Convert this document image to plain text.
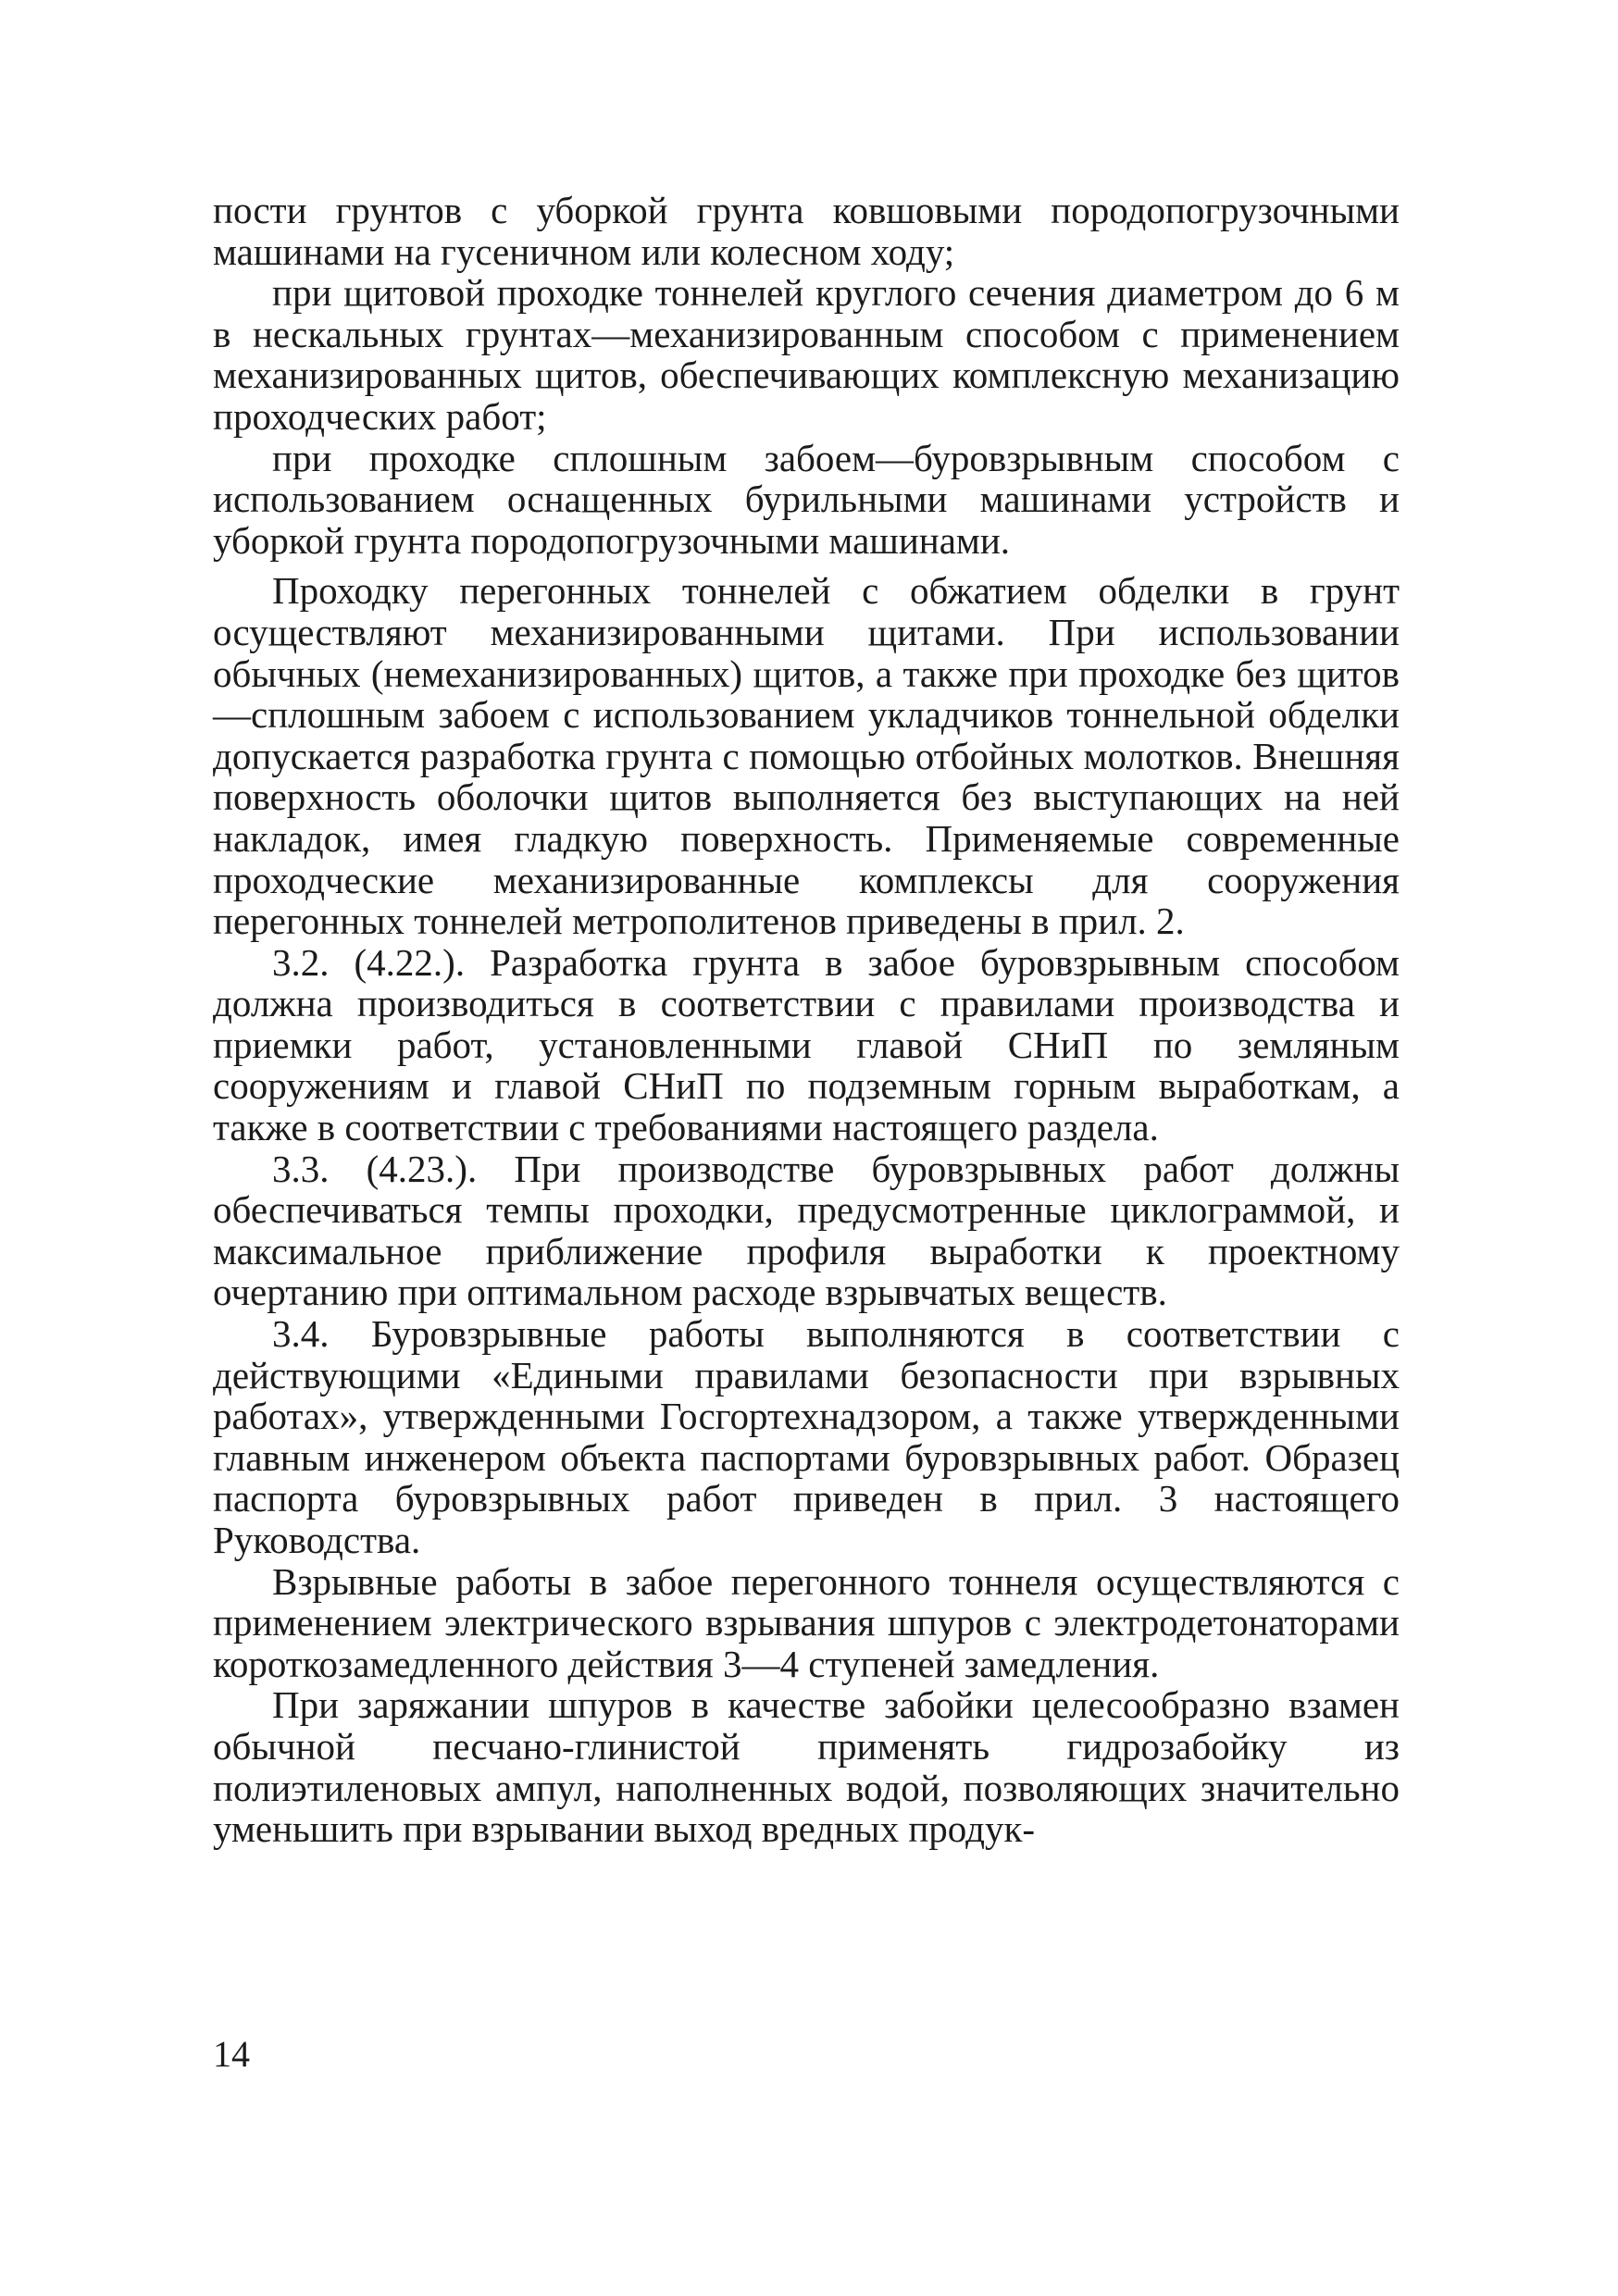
пости грунтов с уборкой грунта ковшовыми породопогрузочными машинами на гусеничном или колесном ходу;

при щитовой проходке тоннелей круглого сечения диаметром до 6 м в нескальных грунтах—механизированным способом с применением механизированных щитов, обеспечивающих комплексную механизацию проходческих работ;

при проходке сплошным забоем—буровзрывным способом с использованием оснащенных бурильными машинами устройств и уборкой грунта породопогрузочными машинами.

Проходку перегонных тоннелей с обжатием обделки в грунт осуществляют механизированными щитами. При использовании обычных (немеханизированных) щитов, а также при проходке без щитов—сплошным забоем с использованием укладчиков тоннельной обделки допускается разработка грунта с помощью отбойных молотков. Внешняя поверхность оболочки щитов выполняется без выступающих на ней накладок, имея гладкую поверхность. Применяемые современные проходческие механизированные комплексы для сооружения перегонных тоннелей метрополитенов приведены в прил. 2.

3.2. (4.22.). Разработка грунта в забое буровзрывным способом должна производиться в соответствии с правилами производства и приемки работ, установленными главой СНиП по земляным сооружениям и главой СНиП по подземным горным выработкам, а также в соответствии с требованиями настоящего раздела.

3.3. (4.23.). При производстве буровзрывных работ должны обеспечиваться темпы проходки, предусмотренные циклограммой, и максимальное приближение профиля выработки к проектному очертанию при оптимальном расходе взрывчатых веществ.

3.4. Буровзрывные работы выполняются в соответствии с действующими «Едиными правилами безопасности при взрывных работах», утвержденными Госгортехнадзором, а также утвержденными главным инженером объекта паспортами буровзрывных работ. Образец паспорта буровзрывных работ приведен в прил. 3 настоящего Руководства.

Взрывные работы в забое перегонного тоннеля осуществляются с применением электрического взрывания шпуров с электродетонаторами короткозамедленного действия 3—4 ступеней замедления.

При заряжании шпуров в качестве забойки целесообразно взамен обычной песчано-глинистой применять гидрозабойку из полиэтиленовых ампул, наполненных водой, позволяющих значительно уменьшить при взрывании выход вредных продук-

14
